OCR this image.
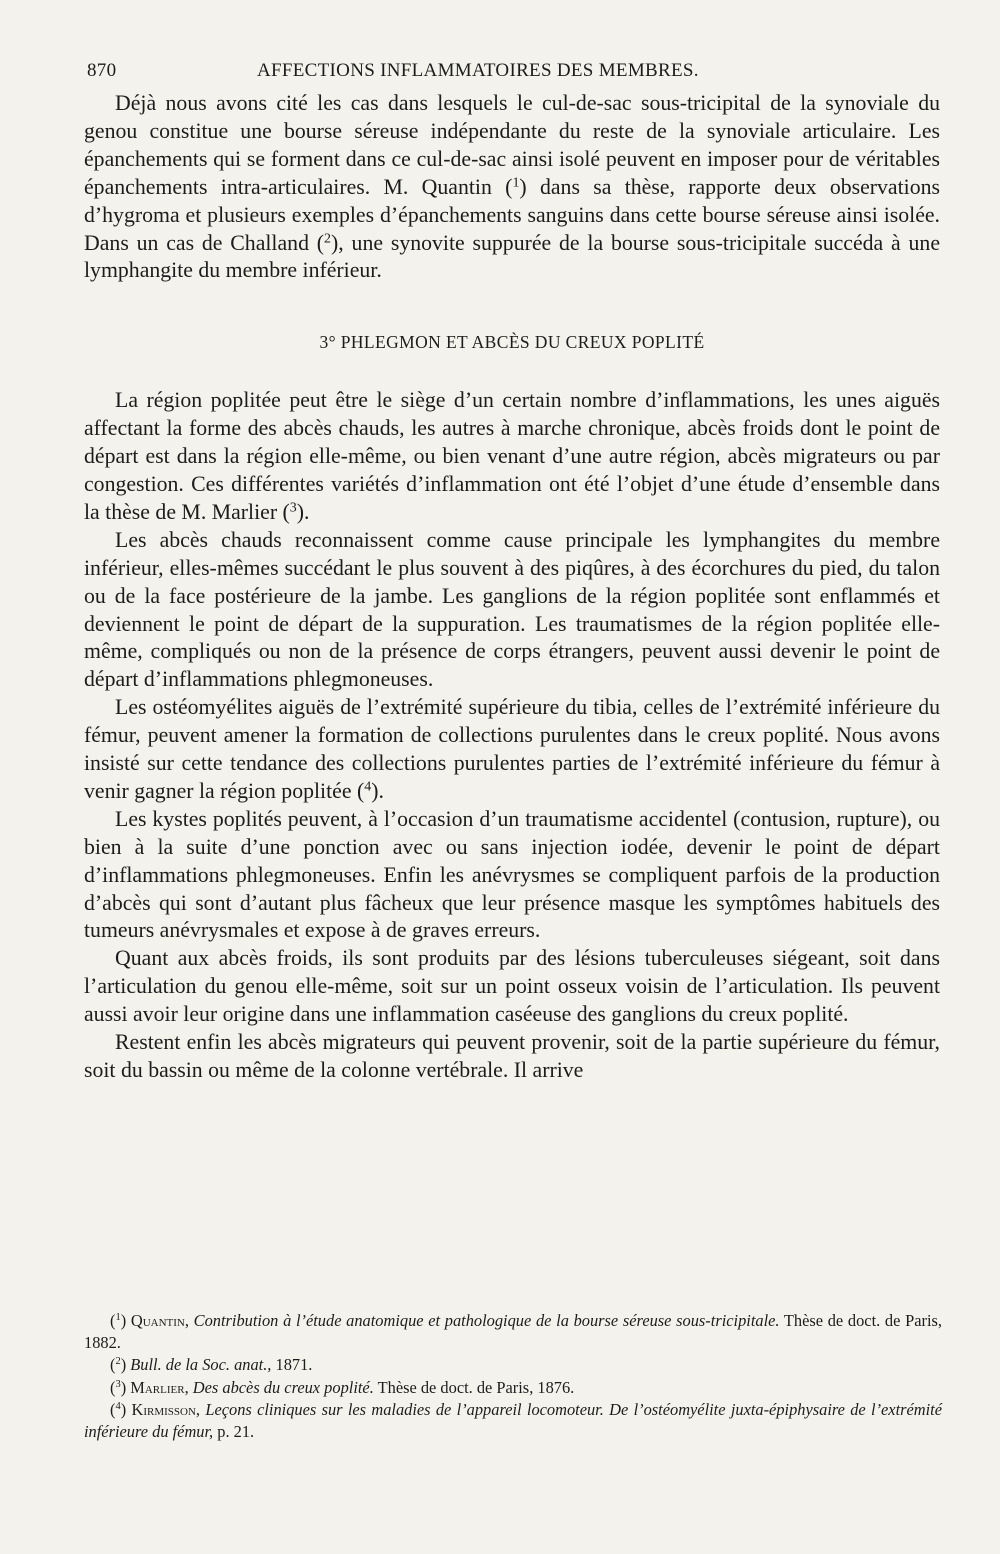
870	AFFECTIONS INFLAMMATOIRES DES MEMBRES.

Déjà nous avons cité les cas dans lesquels le cul-de-sac sous-tricipital de la synoviale du genou constitue une bourse séreuse indépendante du reste de la synoviale articulaire. Les épanchements qui se forment dans ce cul-de-sac ainsi isolé peuvent en imposer pour de véritables épanchements intra-articulaires. M. Quantin ($^1$) dans sa thèse, rapporte deux observations d’hygroma et plusieurs exemples d’épanchements sanguins dans cette bourse séreuse ainsi isolée. Dans un cas de Challand ($^2$), une synovite suppurée de la bourse sous-tricipitale succéda à une lymphangite du membre inférieur.

3° PHLEGMON ET ABCÈS DU CREUX POPLITÉ

La région poplitée peut être le siège d’un certain nombre d’inflammations, les unes aiguës affectant la forme des abcès chauds, les autres à marche chronique, abcès froids dont le point de départ est dans la région elle-même, ou bien venant d’une autre région, abcès migrateurs ou par congestion. Ces différentes variétés d’inflammation ont été l’objet d’une étude d’ensemble dans la thèse de M. Marlier ($^3$).

Les abcès chauds reconnaissent comme cause principale les lymphangites du membre inférieur, elles-mêmes succédant le plus souvent à des piqûres, à des écorchures du pied, du talon ou de la face postérieure de la jambe. Les ganglions de la région poplitée sont enflammés et deviennent le point de départ de la suppuration. Les traumatismes de la région poplitée elle-même, compliqués ou non de la présence de corps étrangers, peuvent aussi devenir le point de départ d’inflammations phlegmoneuses.

Les ostéomyélites aiguës de l’extrémité supérieure du tibia, celles de l’extrémité inférieure du fémur, peuvent amener la formation de collections purulentes dans le creux poplité. Nous avons insisté sur cette tendance des collections purulentes parties de l’extrémité inférieure du fémur à venir gagner la région poplitée ($^4$).

Les kystes poplités peuvent, à l’occasion d’un traumatisme accidentel (contusion, rupture), ou bien à la suite d’une ponction avec ou sans injection iodée, devenir le point de départ d’inflammations phlegmoneuses. Enfin les anévrysmes se compliquent parfois de la production d’abcès qui sont d’autant plus fâcheux que leur présence masque les symptômes habituels des tumeurs anévrysmales et expose à de graves erreurs.

Quant aux abcès froids, ils sont produits par des lésions tuberculeuses siégeant, soit dans l’articulation du genou elle-même, soit sur un point osseux voisin de l’articulation. Ils peuvent aussi avoir leur origine dans une inflammation caséeuse des ganglions du creux poplité.

Restent enfin les abcès migrateurs qui peuvent provenir, soit de la partie supérieure du fémur, soit du bassin ou même de la colonne vertébrale. Il arrive

($^1$) Quantin, Contribution à l’étude anatomique et pathologique de la bourse séreuse sous-tricipitale. Thèse de doct. de Paris, 1882.

($^2$) Bull. de la Soc. anat., 1871.

($^3$) Marlier, Des abcès du creux poplité. Thèse de doct. de Paris, 1876.

($^4$) Kirmisson, Leçons cliniques sur les maladies de l’appareil locomoteur. De l’ostéomyélite juxta-épiphysaire de l’extrémité inférieure du fémur, p. 21.
